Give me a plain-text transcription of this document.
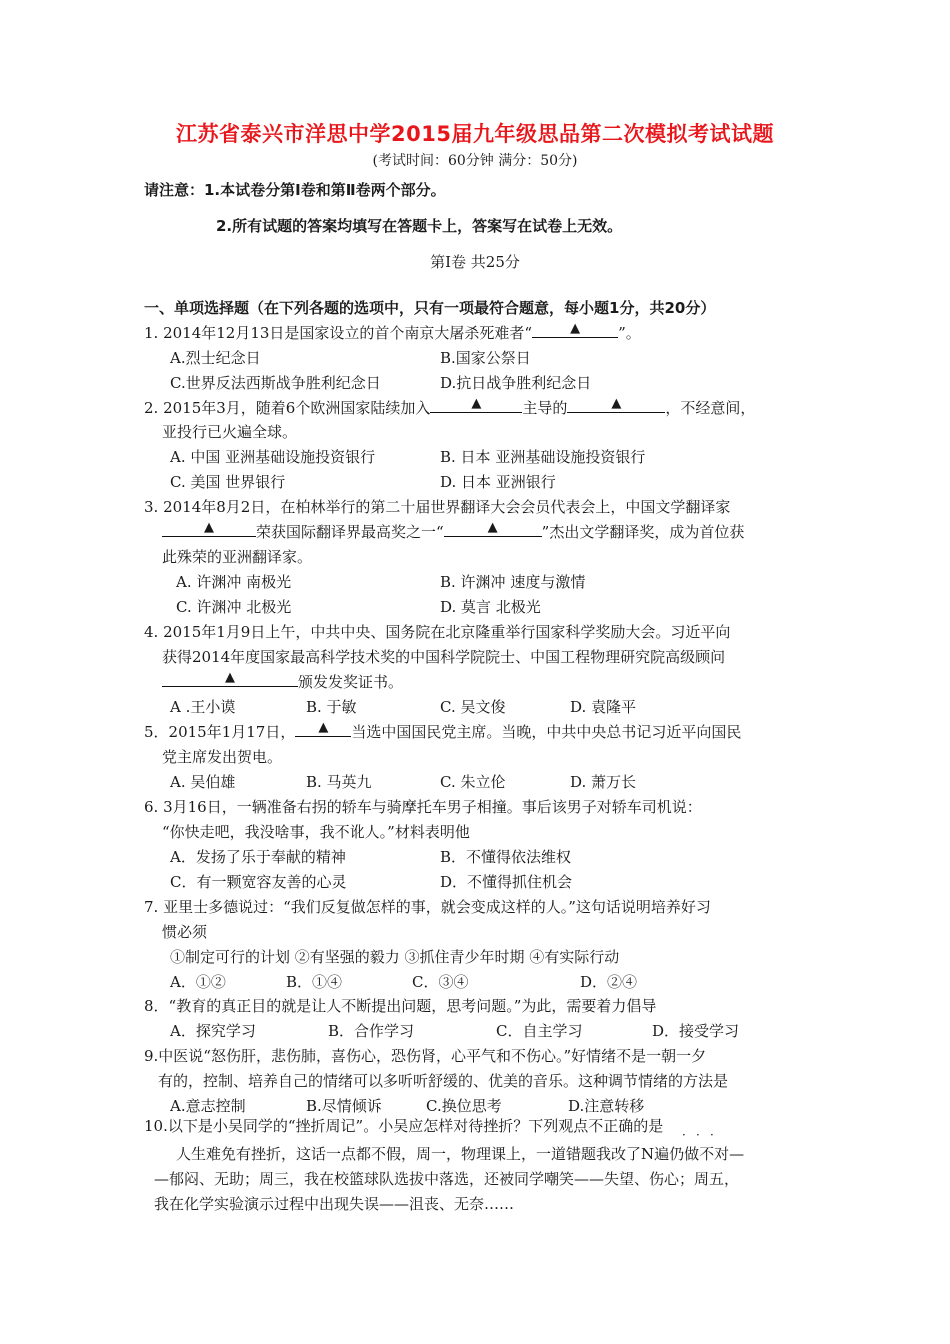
江苏省泰兴市洋思中学2015届九年级思品第二次模拟考试试题
(考试时间：60分钟 满分：50分)
请注意：1.本试卷分第Ⅰ卷和第Ⅱ卷两个部分。
2.所有试题的答案均填写在答题卡上，答案写在试卷上无效。
第Ⅰ卷 共25分
一、单项选择题（在下列各题的选项中，只有一项最符合题意，每小题1分，共20分）
1. 2014年12月13日是国家设立的首个南京大屠杀死难者“	▲	”。
A.烈士纪念日	B.国家公祭日
C.世界反法西斯战争胜利纪念日	D.抗日战争胜利纪念日
2. 2015年3月，随着6个欧洲国家陆续加入	▲	主导的	▲	，不经意间，
亚投行已火遍全球。
A. 中国 亚洲基础设施投资银行	B. 日本 亚洲基础设施投资银行
C. 美国 世界银行	D. 日本 亚洲银行
3. 2014年8月2日，在柏林举行的第二十届世界翻译大会会员代表会上，中国文学翻译家
▲	荣获国际翻译界最高奖之一“	▲	”杰出文学翻译奖，成为首位获
此殊荣的亚洲翻译家。
A. 许渊冲 南极光	B. 许渊冲 速度与激情
C. 许渊冲 北极光	D. 莫言 北极光
4. 2015年1月9日上午，中共中央、国务院在北京隆重举行国家科学奖励大会。习近平向
获得2014年度国家最高科学技术奖的中国科学院院士、中国工程物理研究院高级顾问
▲	颁发发奖证书。
A .王小谟	B. 于敏	C. 吴文俊	D. 袁隆平
5．2015年1月17日， ▲ 当选中国国民党主席。当晚，中共中央总书记习近平向国民
党主席发出贺电。
A. 吴伯雄	B. 马英九	C. 朱立伦	D. 萧万长
6. 3月16日，一辆准备右拐的轿车与骑摩托车男子相撞。事后该男子对轿车司机说：
“你快走吧，我没啥事，我不讹人。”材料表明他
A．发扬了乐于奉献的精神	B．不懂得依法维权
C．有一颗宽容友善的心灵	D．不懂得抓住机会
7. 亚里士多德说过：“我们反复做怎样的事，就会变成这样的人。”这句话说明培养好习
惯必须
①制定可行的计划 ②有坚强的毅力 ③抓住青少年时期 ④有实际行动
A．①②	B．①④	C．③④	D．②④
8．“教育的真正目的就是让人不断提出问题，思考问题。”为此，需要着力倡导
A．探究学习	B．合作学习	C．自主学习	D．接受学习
9.中医说“怒伤肝，悲伤肺，喜伤心，恐伤肾，心平气和不伤心。”好情绪不是一朝一夕
有的，控制、培养自己的情绪可以多听听舒缓的、优美的音乐。这种调节情绪的方法是
A.意志控制	B.尽情倾诉	C.换位思考	D.注意转移
10.以下是小吴同学的“挫折周记”。小吴应怎样对待挫折？下列观点不正确的是 · · ·
人生难免有挫折，这话一点都不假，周一，物理课上，一道错题我改了N遍仍做不对—
—郁闷、无助；周三，我在校篮球队选拔中落选，还被同学嘲笑——失望、伤心；周五，
我在化学实验演示过程中出现失误——沮丧、无奈……
